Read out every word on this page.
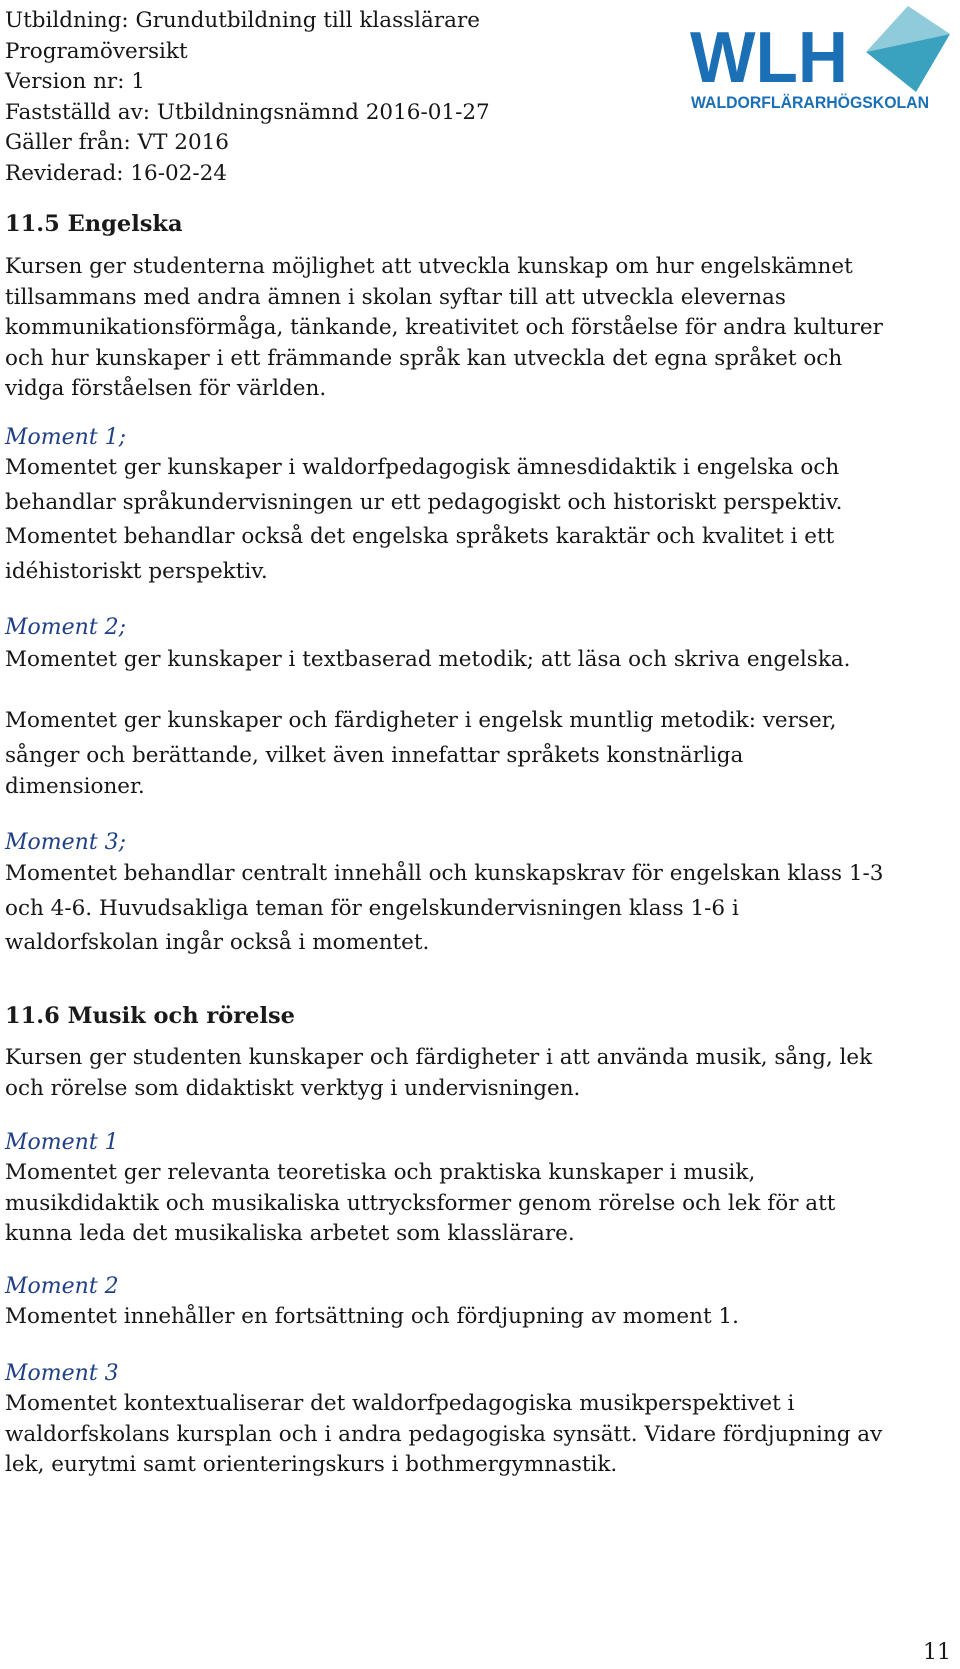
Utbildning: Grundutbildning till klasslärare
Programöversikt
Version nr: 1
Fastställd av: Utbildningsnämnd 2016-01-27
Gäller från: VT 2016
Reviderad: 16-02-24
WLH
WALDORFLÄRARHÖGSKOLAN
11.5 Engelska
Kursen ger studenterna möjlighet att utveckla kunskap om hur engelskämnet
tillsammans med andra ämnen i skolan syftar till att utveckla elevernas
kommunikationsförmåga, tänkande, kreativitet och förståelse för andra kulturer
och hur kunskaper i ett främmande språk kan utveckla det egna språket och
vidga förståelsen för världen.
Moment 1;
Momentet ger kunskaper i waldorfpedagogisk ämnesdidaktik i engelska och
behandlar språkundervisningen ur ett pedagogiskt och historiskt perspektiv.
Momentet behandlar också det engelska språkets karaktär och kvalitet i ett
idéhistoriskt perspektiv.
Moment 2;
Momentet ger kunskaper i textbaserad metodik; att läsa och skriva engelska.
Momentet ger kunskaper och färdigheter i engelsk muntlig metodik: verser,
sånger och berättande, vilket även innefattar språkets konstnärliga
dimensioner.
Moment 3;
Momentet behandlar centralt innehåll och kunskapskrav för engelskan klass 1-3
och 4-6. Huvudsakliga teman för engelskundervisningen klass 1-6 i
waldorfskolan ingår också i momentet.
11.6 Musik och rörelse
Kursen ger studenten kunskaper och färdigheter i att använda musik, sång, lek
och rörelse som didaktiskt verktyg i undervisningen.
Moment 1
Momentet ger relevanta teoretiska och praktiska kunskaper i musik,
musikdidaktik och musikaliska uttrycksformer genom rörelse och lek för att
kunna leda det musikaliska arbetet som klasslärare.
Moment 2
Momentet innehåller en fortsättning och fördjupning av moment 1.
Moment 3
Momentet kontextualiserar det waldorfpedagogiska musikperspektivet i
waldorfskolans kursplan och i andra pedagogiska synsätt. Vidare fördjupning av
lek, eurytmi samt orienteringskurs i bothmergymnastik.
11
